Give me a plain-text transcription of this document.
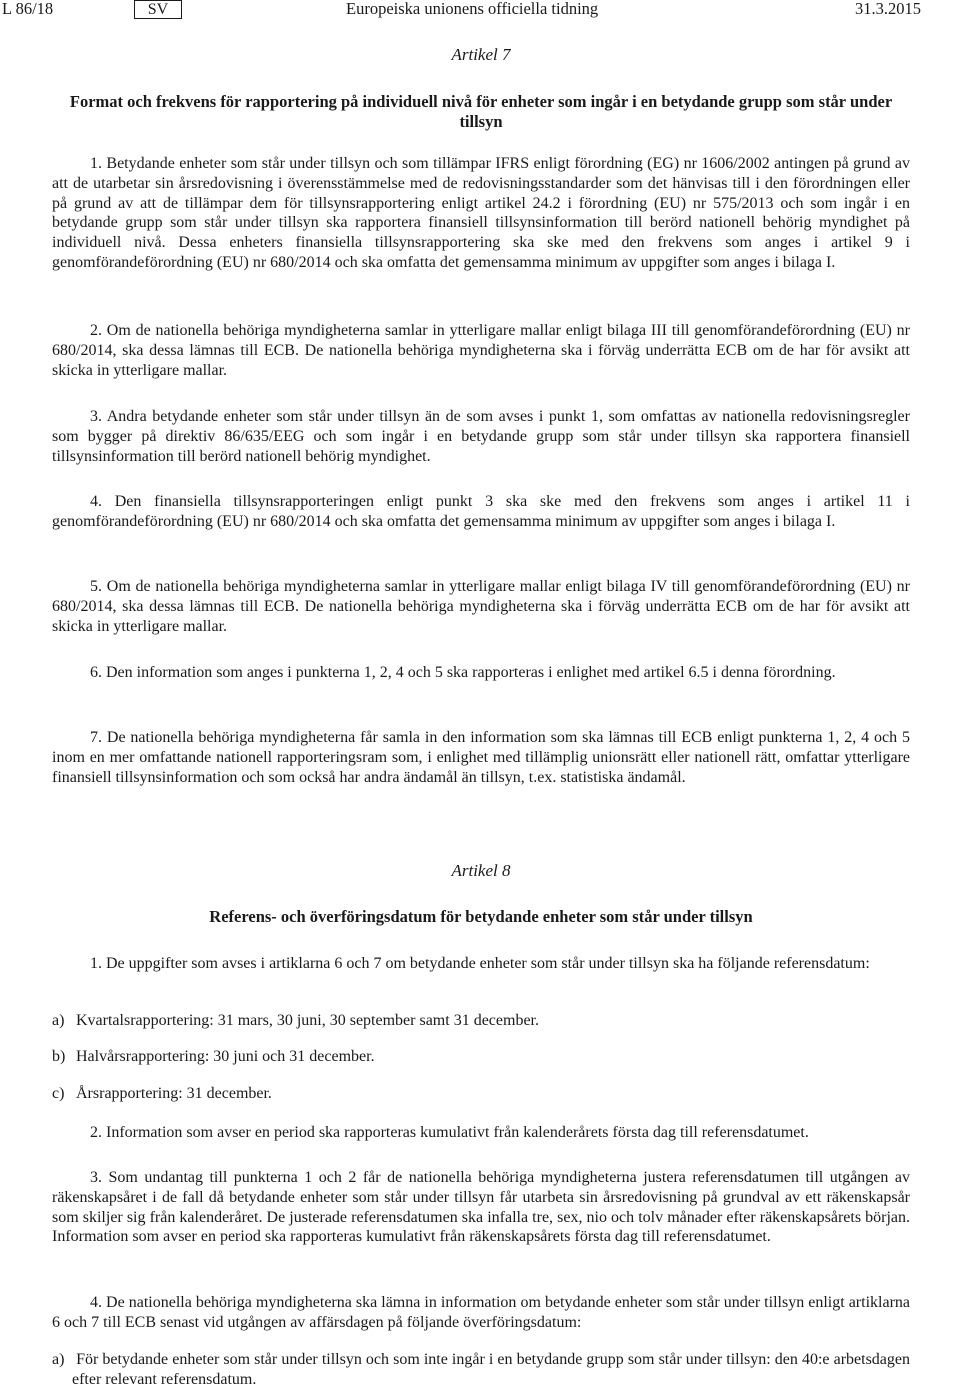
L 86/18	SV	Europeiska unionens officiella tidning	31.3.2015
Artikel 7
Format och frekvens för rapportering på individuell nivå för enheter som ingår i en betydande grupp som står under tillsyn
1. Betydande enheter som står under tillsyn och som tillämpar IFRS enligt förordning (EG) nr 1606/2002 antingen på grund av att de utarbetar sin årsredovisning i överensstämmelse med de redovisningsstandarder som det hänvisas till i den förordningen eller på grund av att de tillämpar dem för tillsynsrapportering enligt artikel 24.2 i förordning (EU) nr 575/2013 och som ingår i en betydande grupp som står under tillsyn ska rapportera finansiell tillsynsinformation till berörd nationell behörig myndighet på individuell nivå. Dessa enheters finansiella tillsynsrapportering ska ske med den frekvens som anges i artikel 9 i genomförandeförordning (EU) nr 680/2014 och ska omfatta det gemensamma minimum av uppgifter som anges i bilaga I.
2. Om de nationella behöriga myndigheterna samlar in ytterligare mallar enligt bilaga III till genomförandeförordning (EU) nr 680/2014, ska dessa lämnas till ECB. De nationella behöriga myndigheterna ska i förväg underrätta ECB om de har för avsikt att skicka in ytterligare mallar.
3. Andra betydande enheter som står under tillsyn än de som avses i punkt 1, som omfattas av nationella redovisningsregler som bygger på direktiv 86/635/EEG och som ingår i en betydande grupp som står under tillsyn ska rapportera finansiell tillsynsinformation till berörd nationell behörig myndighet.
4. Den finansiella tillsynsrapporteringen enligt punkt 3 ska ske med den frekvens som anges i artikel 11 i genomförandeförordning (EU) nr 680/2014 och ska omfatta det gemensamma minimum av uppgifter som anges i bilaga I.
5. Om de nationella behöriga myndigheterna samlar in ytterligare mallar enligt bilaga IV till genomförandeförordning (EU) nr 680/2014, ska dessa lämnas till ECB. De nationella behöriga myndigheterna ska i förväg underrätta ECB om de har för avsikt att skicka in ytterligare mallar.
6. Den information som anges i punkterna 1, 2, 4 och 5 ska rapporteras i enlighet med artikel 6.5 i denna förordning.
7. De nationella behöriga myndigheterna får samla in den information som ska lämnas till ECB enligt punkterna 1, 2, 4 och 5 inom en mer omfattande nationell rapporteringsram som, i enlighet med tillämplig unionsrätt eller nationell rätt, omfattar ytterligare finansiell tillsynsinformation och som också har andra ändamål än tillsyn, t.ex. statistiska ändamål.
Artikel 8
Referens- och överföringsdatum för betydande enheter som står under tillsyn
1. De uppgifter som avses i artiklarna 6 och 7 om betydande enheter som står under tillsyn ska ha följande referensdatum:
a) Kvartalsrapportering: 31 mars, 30 juni, 30 september samt 31 december.
b) Halvårsrapportering: 30 juni och 31 december.
c) Årsrapportering: 31 december.
2. Information som avser en period ska rapporteras kumulativt från kalenderårets första dag till referensdatumet.
3. Som undantag till punkterna 1 och 2 får de nationella behöriga myndigheterna justera referensdatumen till utgången av räkenskapsåret i de fall då betydande enheter som står under tillsyn får utarbeta sin årsredovisning på grundval av ett räkenskapsår som skiljer sig från kalenderåret. De justerade referensdatumen ska infalla tre, sex, nio och tolv månader efter räkenskapsårets början. Information som avser en period ska rapporteras kumulativt från räkenskapsårets första dag till referensdatumet.
4. De nationella behöriga myndigheterna ska lämna in information om betydande enheter som står under tillsyn enligt artiklarna 6 och 7 till ECB senast vid utgången av affärsdagen på följande överföringsdatum:
a) För betydande enheter som står under tillsyn och som inte ingår i en betydande grupp som står under tillsyn: den 40:e arbetsdagen efter relevant referensdatum.
